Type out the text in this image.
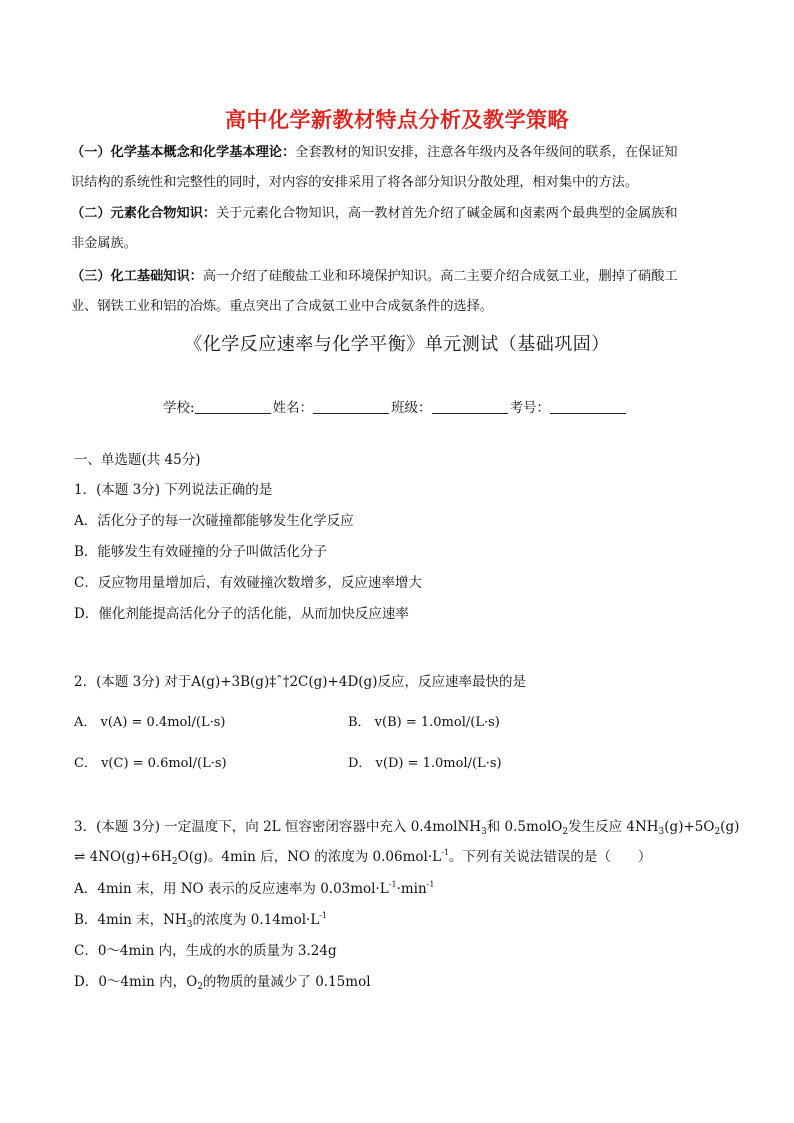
高中化学新教材特点分析及教学策略
（一）化学基本概念和化学基本理论：全套教材的知识安排，注意各年级内及各年级间的联系，在保证知
识结构的系统性和完整性的同时，对内容的安排采用了将各部分知识分散处理，相对集中的方法。
（二）元素化合物知识：关于元素化合物知识，高一教材首先介绍了碱金属和卤素两个最典型的金属族和
非金属族。
（三）化工基础知识：高一介绍了硅酸盐工业和环境保护知识。高二主要介绍合成氨工业，删掉了硝酸工
业、钢铁工业和铝的冶炼。重点突出了合成氨工业中合成氨条件的选择。
《化学反应速率与化学平衡》单元测试（基础巩固）
学校:	姓名：	班级：	考号：
一、单选题(共 45分)
1．(本题 3分) 下列说法正确的是
A．活化分子的每一次碰撞都能够发生化学反应
B．能够发生有效碰撞的分子叫做活化分子
C．反应物用量增加后，有效碰撞次数增多，反应速率增大
D．催化剂能提高活化分子的活化能，从而加快反应速率
2．(本题 3分) 对于A(g)+3B(g)‡ˆ†2C(g)+4D(g)反应，反应速率最快的是
A． v(A) = 0.4mol/(L·s)	B． v(B) = 1.0mol/(L·s)
C． v(C) = 0.6mol/(L·s)	D． v(D) = 1.0mol/(L·s)
3．(本题 3分) 一定温度下，向 2L 恒容密闭容器中充入 0.4molNH$_3$和 0.5molO$_2$发生反应 $4NH_3(g)+5O_2(g)$
⇌ $4NO(g)+6H_2O(g)$。4min 后，NO 的浓度为 $0.06mol\cdot L^{-1}$。下列有关说法错误的是（　　）
A．4min 末，用 NO 表示的反应速率为 $0.03mol\cdot L^{-1}\cdot\min^{-1}$
B．4min 末，$NH_3$的浓度为 $0.14mol\cdot L^{-1}$
C．0～4min 内，生成的水的质量为 3.24g
D．0～4min 内，$O_2$的物质的量减少了 0.15mol
